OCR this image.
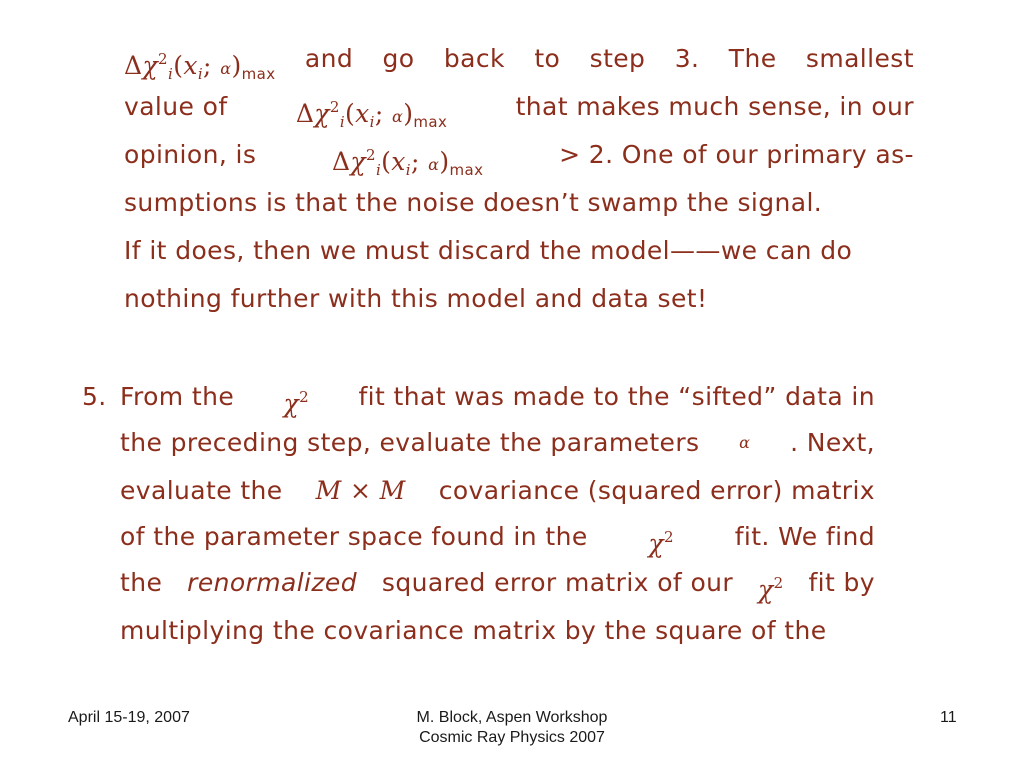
$\Delta\chi^2_i(x_i$; $\alpha)_{max}$
and go back to step 3. The smallest
value of	$\Delta\chi^2_i(x_i$; $\alpha)_{max}$
that makes much sense, in our
opinion, is	$\Delta\chi^2_i(x_i$; $\alpha)_{max}$
> 2. One of our primary as-
sumptions is that the noise doesn’t swamp the signal.
If it does, then we must discard the model——we can do
nothing further with this model and data set!
5. From the $\chi^2$ fit that was made to the “sifted” data in
the preceding step, evaluate the parameters α . Next,
evaluate the M × M covariance (squared error) matrix
of the parameter space found in the $\chi^2$ fit. We find
the renormalized squared error matrix of our $\chi^2$ fit by
multiplying the covariance matrix by the square of the
April 15-19, 2007	M. Block, Aspen Workshop
Cosmic Ray Physics 2007
11
